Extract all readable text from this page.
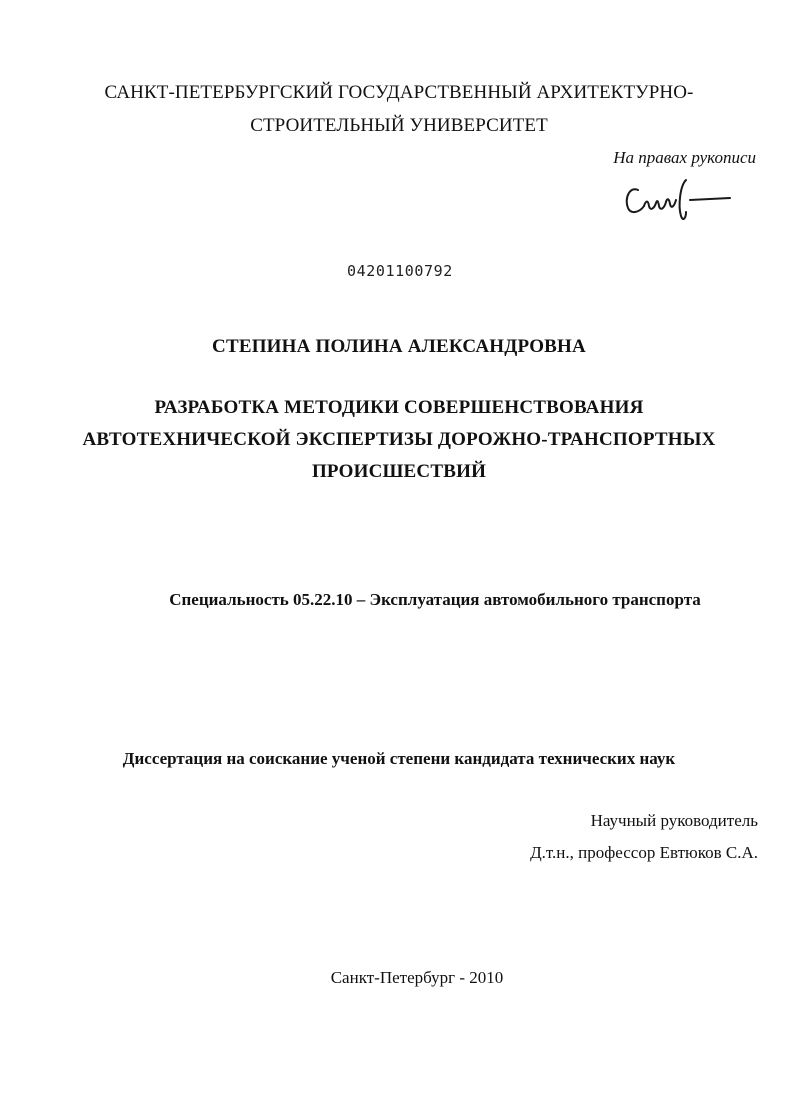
САНКТ-ПЕТЕРБУРГСКИЙ ГОСУДАРСТВЕННЫЙ АРХИТЕКТУРНО-
СТРОИТЕЛЬНЫЙ УНИВЕРСИТЕТ
На правах рукописи
04201100792
СТЕПИНА ПОЛИНА АЛЕКСАНДРОВНА
РАЗРАБОТКА МЕТОДИКИ СОВЕРШЕНСТВОВАНИЯ
АВТОТЕХНИЧЕСКОЙ ЭКСПЕРТИЗЫ ДОРОЖНО-ТРАНСПОРТНЫХ
ПРОИСШЕСТВИЙ
Специальность 05.22.10 – Эксплуатация автомобильного транспорта
Диссертация на соискание ученой степени кандидата технических наук
Научный руководитель
Д.т.н., профессор Евтюков С.А.
Санкт-Петербург - 2010
